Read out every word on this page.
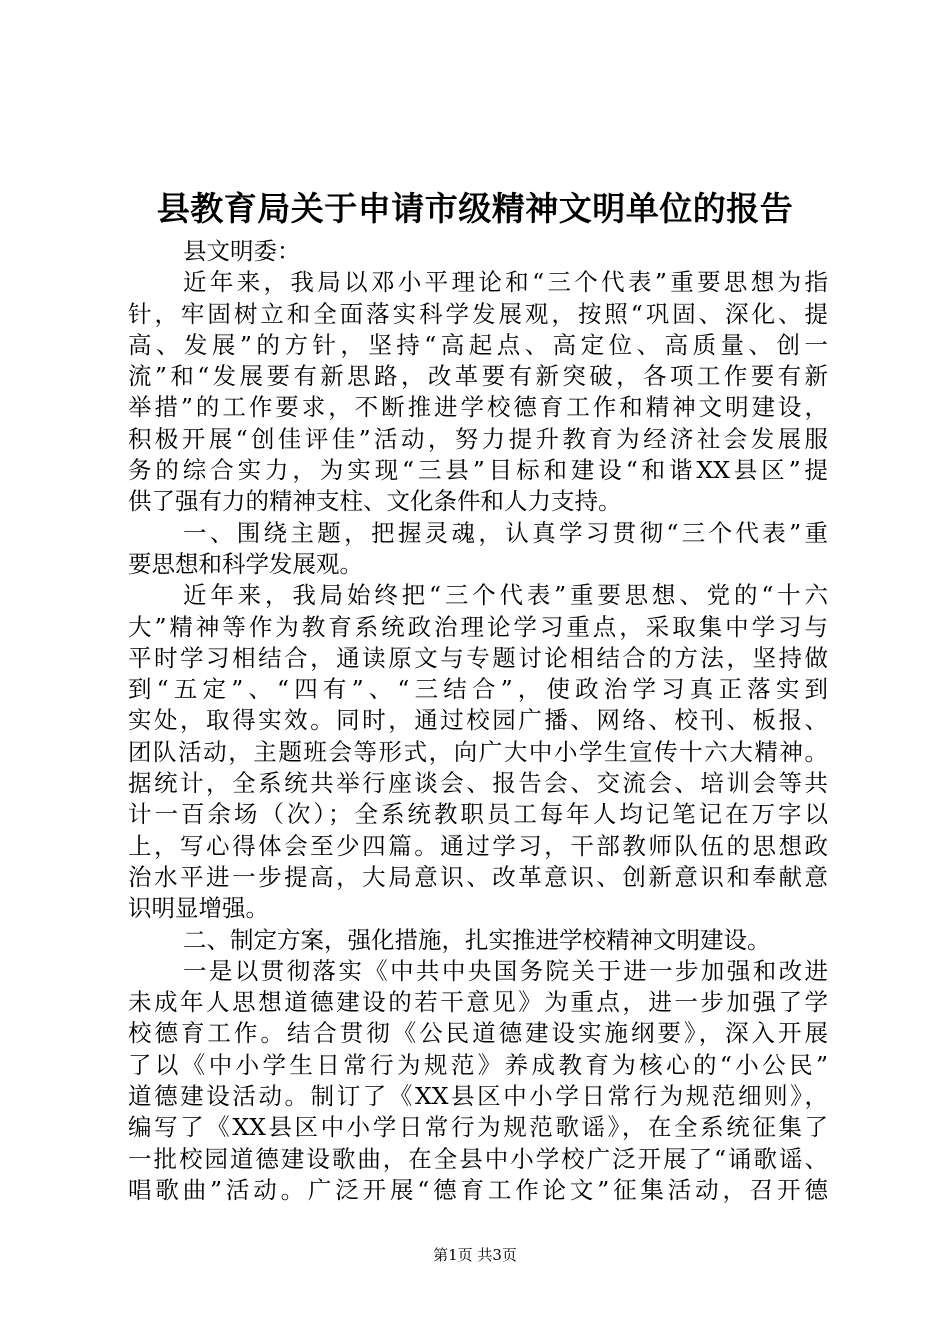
县教育局关于申请市级精神文明单位的报告
县文明委：
近年来，我局以邓小平理论和“三个代表”重要思想为指
针，牢固树立和全面落实科学发展观，按照“巩固、深化、提
高、发展”的方针，坚持“高起点、高定位、高质量、创一
流”和“发展要有新思路，改革要有新突破，各项工作要有新
举措”的工作要求，不断推进学校德育工作和精神文明建设，
积极开展“创佳评佳”活动，努力提升教育为经济社会发展服
务的综合实力，为实现“三县”目标和建设“和谐XX县区”提
供了强有力的精神支柱、文化条件和人力支持。
一、围绕主题，把握灵魂，认真学习贯彻“三个代表”重
要思想和科学发展观。
近年来，我局始终把“三个代表”重要思想、党的“十六
大”精神等作为教育系统政治理论学习重点，采取集中学习与
平时学习相结合，通读原文与专题讨论相结合的方法，坚持做
到“五定”、“四有”、“三结合”，使政治学习真正落实到
实处，取得实效。同时，通过校园广播、网络、校刊、板报、
团队活动，主题班会等形式，向广大中小学生宣传十六大精神。
据统计，全系统共举行座谈会、报告会、交流会、培训会等共
计一百余场（次）；全系统教职员工每年人均记笔记在万字以
上，写心得体会至少四篇。通过学习，干部教师队伍的思想政
治水平进一步提高，大局意识、改革意识、创新意识和奉献意
识明显增强。
二、制定方案，强化措施，扎实推进学校精神文明建设。
一是以贯彻落实《中共中央国务院关于进一步加强和改进
未成年人思想道德建设的若干意见》为重点，进一步加强了学
校德育工作。结合贯彻《公民道德建设实施纲要》，深入开展
了以《中小学生日常行为规范》养成教育为核心的“小公民”
道德建设活动。制订了《XX县区中小学日常行为规范细则》，
编写了《XX县区中小学日常行为规范歌谣》，在全系统征集了
一批校园道德建设歌曲，在全县中小学校广泛开展了“诵歌谣、
唱歌曲”活动。广泛开展“德育工作论文”征集活动，召开德
第1页 共3页
